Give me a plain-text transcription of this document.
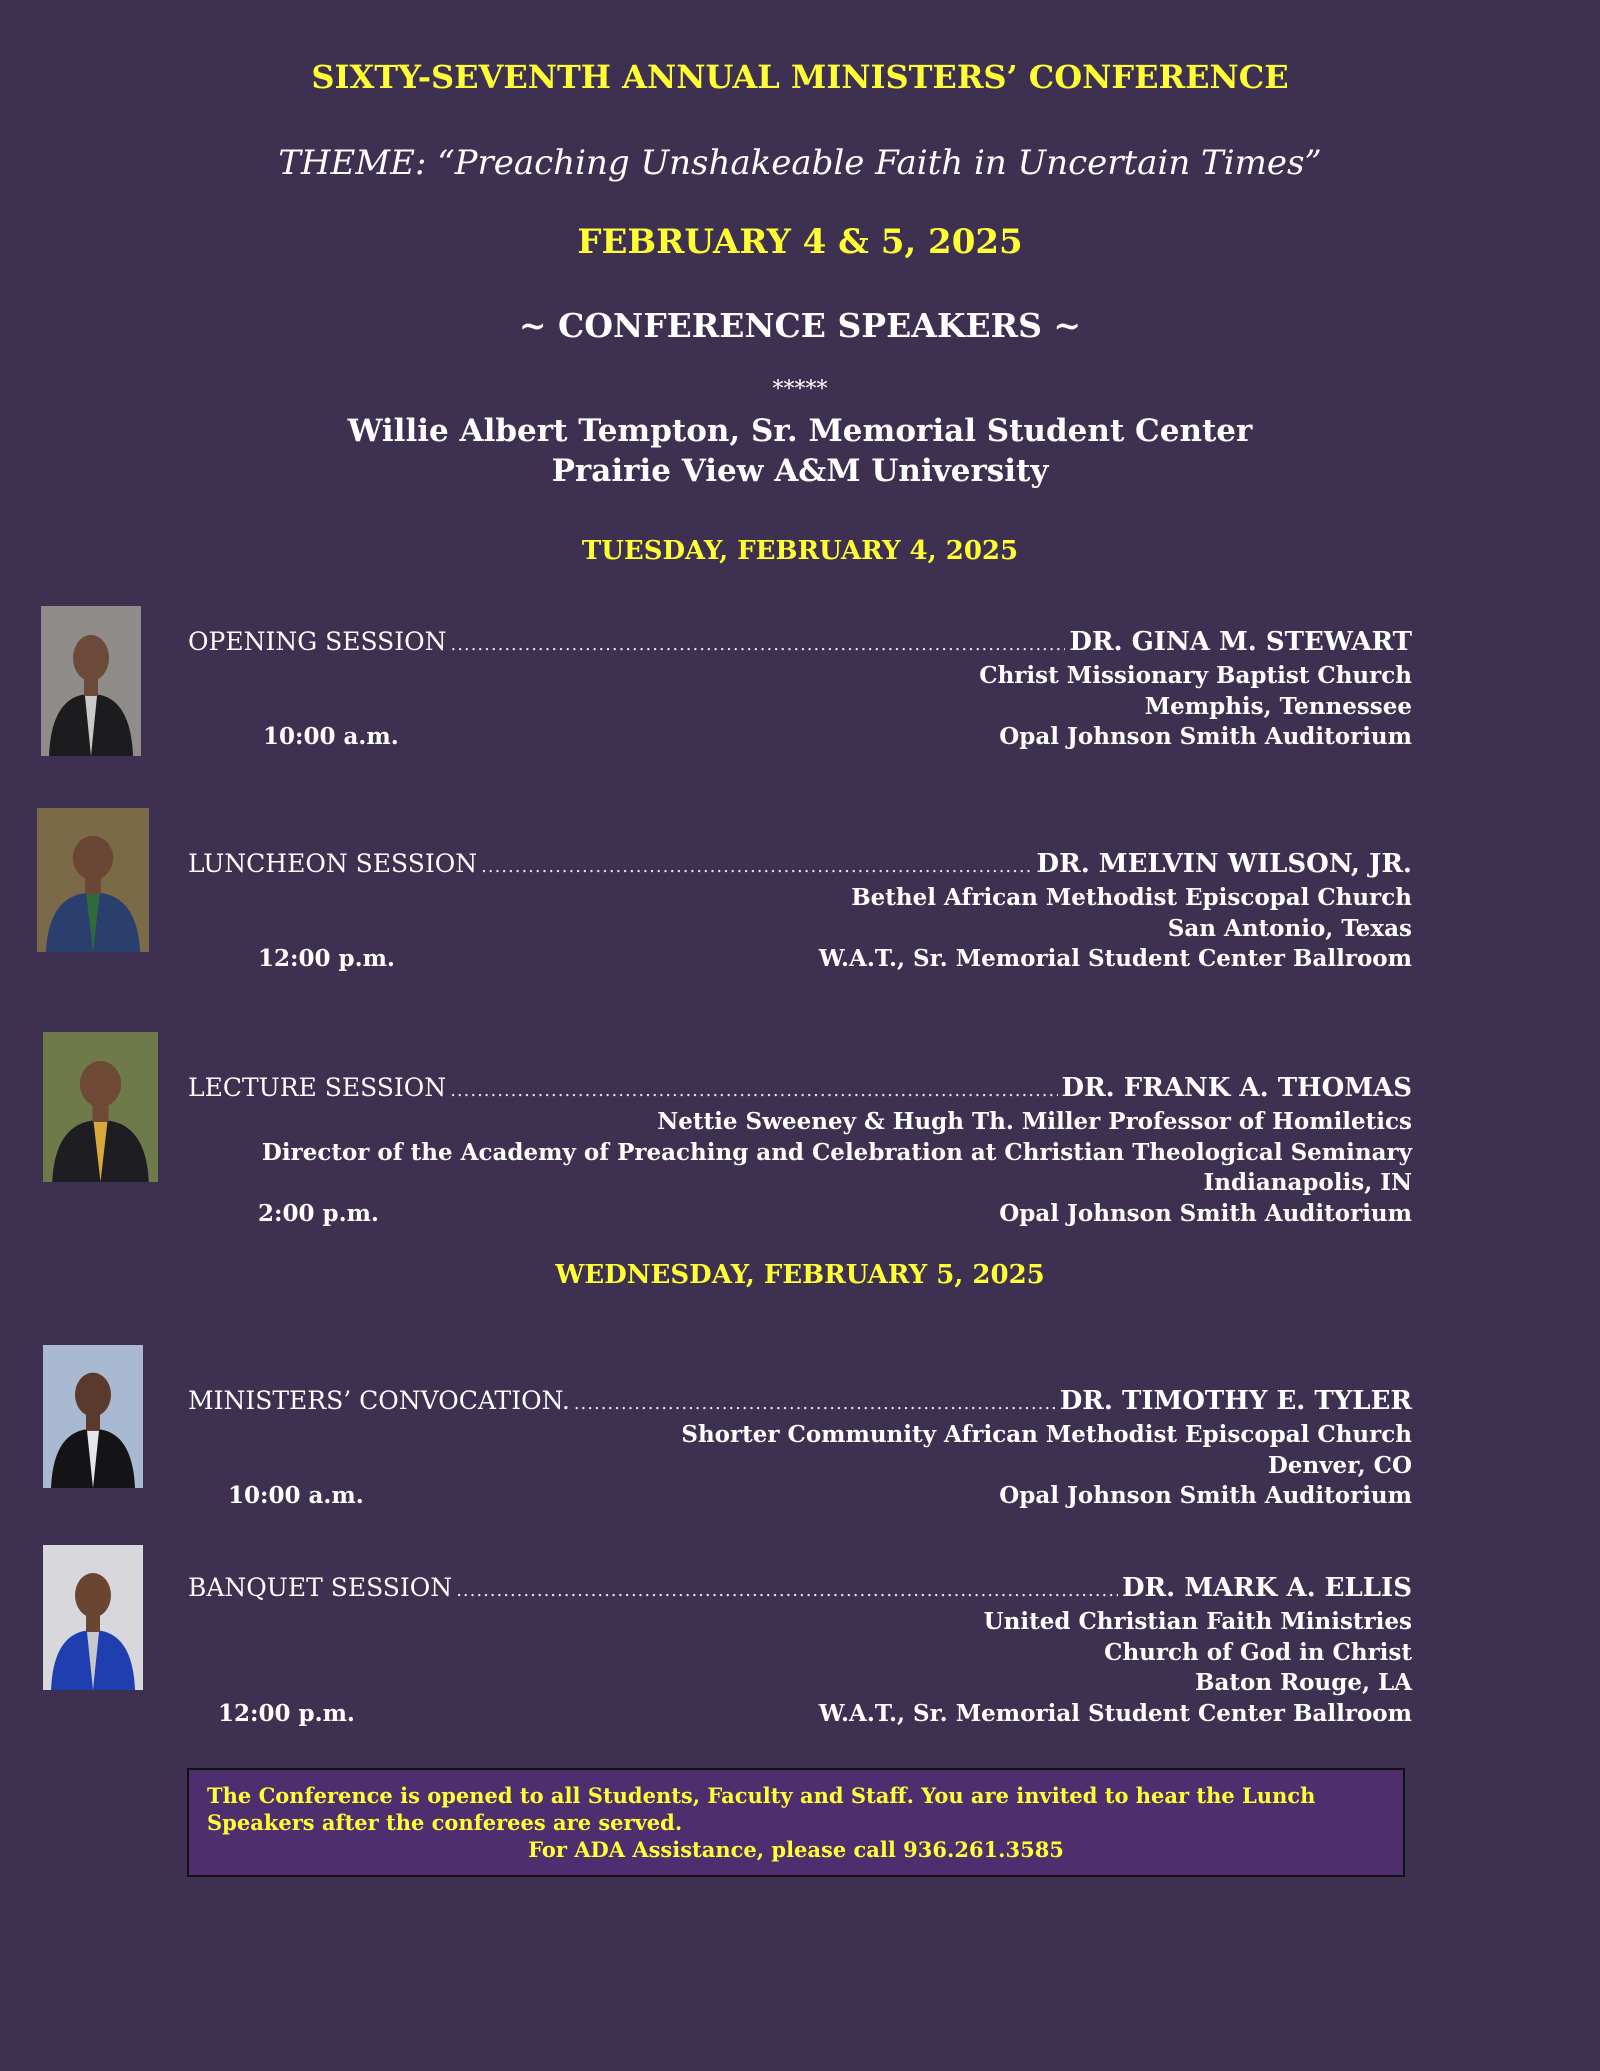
SIXTY-SEVENTH ANNUAL MINISTERS’ CONFERENCE
THEME: “Preaching Unshakeable Faith in Uncertain Times”
FEBRUARY 4 & 5, 2025
~ CONFERENCE SPEAKERS ~
*****
Willie Albert Tempton, Sr. Memorial Student Center
Prairie View A&M University
TUESDAY, FEBRUARY 4, 2025
WEDNESDAY, FEBRUARY 5, 2025
OPENING SESSION .....	DR. GINA M. STEWART
Christ Missionary Baptist Church
Memphis, Tennessee
10:00 a.m.	Opal Johnson Smith Auditorium
LUNCHEON SESSION .....	DR. MELVIN WILSON, JR.
Bethel African Methodist Episcopal Church
San Antonio, Texas
12:00 p.m.	W.A.T., Sr. Memorial Student Center Ballroom
LECTURE SESSION .....	DR. FRANK A. THOMAS
Nettie Sweeney & Hugh Th. Miller Professor of Homiletics
Director of the Academy of Preaching and Celebration at Christian Theological Seminary
Indianapolis, IN
2:00 p.m.	Opal Johnson Smith Auditorium
MINISTERS’ CONVOCATION. .....	DR. TIMOTHY E. TYLER
Shorter Community African Methodist Episcopal Church
Denver, CO
10:00 a.m.	Opal Johnson Smith Auditorium
BANQUET SESSION .....	DR. MARK A. ELLIS
United Christian Faith Ministries
Church of God in Christ
Baton Rouge, LA
12:00 p.m.	W.A.T., Sr. Memorial Student Center Ballroom
The Conference is opened to all Students, Faculty and Staff. You are invited to hear the Lunch Speakers after the conferees are served.
For ADA Assistance, please call 936.261.3585
